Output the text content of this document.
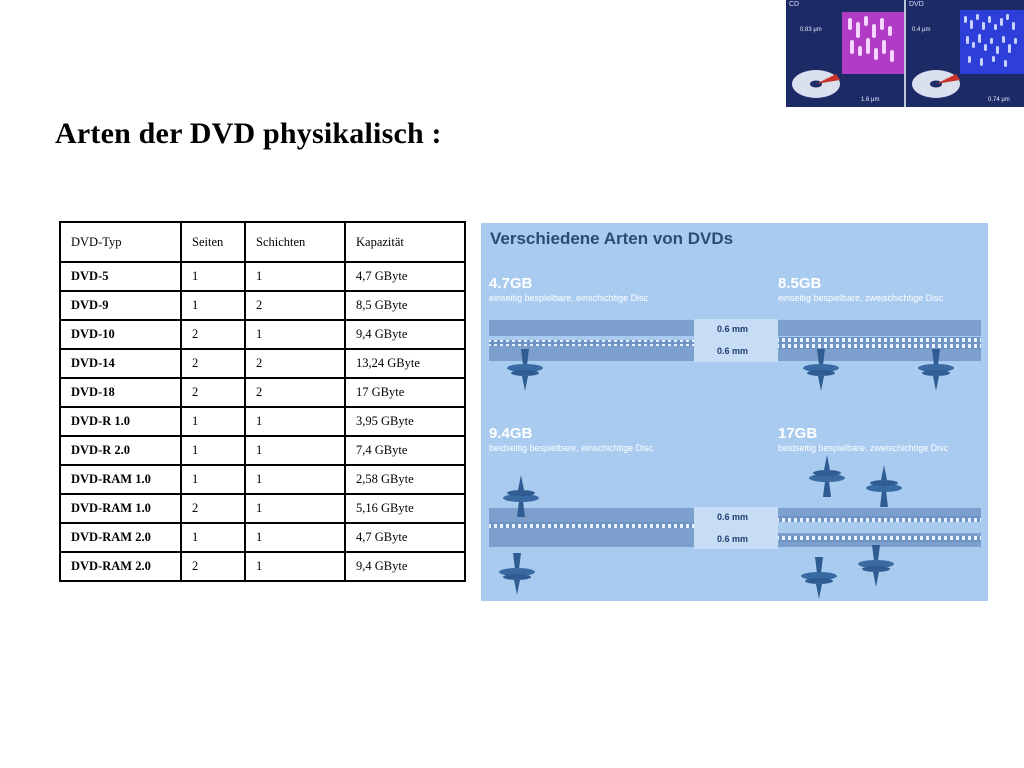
CD
0.83 µm
1.6 µm
DVD
0.4 µm
0.74 µm
Arten der DVD physikalisch :
DVD-Typ	Seiten	Schichten	Kapazität
DVD-5	1	1	4,7 GByte
DVD-9	1	2	8,5 GByte
DVD-10	2	1	9,4 GByte
DVD-14	2	2	13,24 GByte
DVD-18	2	2	17 GByte
DVD-R 1.0	1	1	3,95 GByte
DVD-R 2.0	1	1	7,4 GByte
DVD-RAM 1.0	1	1	2,58 GByte
DVD-RAM 1.0	2	1	5,16 GByte
DVD-RAM 2.0	1	1	4,7 GByte
DVD-RAM 2.0	2	1	9,4 GByte
Verschiedene Arten von DVDs
4.7GB
einseitig bespielbare, einschichtige Disc
8.5GB
einseitig bespielbare, zweischichtige Disc
9.4GB
beidseitig bespielbare, einschichtige Disc
17GB
beidseitig bespielbare, zweischichtige Disc
0.6 mm
0.6 mm
0.6 mm
0.6 mm
